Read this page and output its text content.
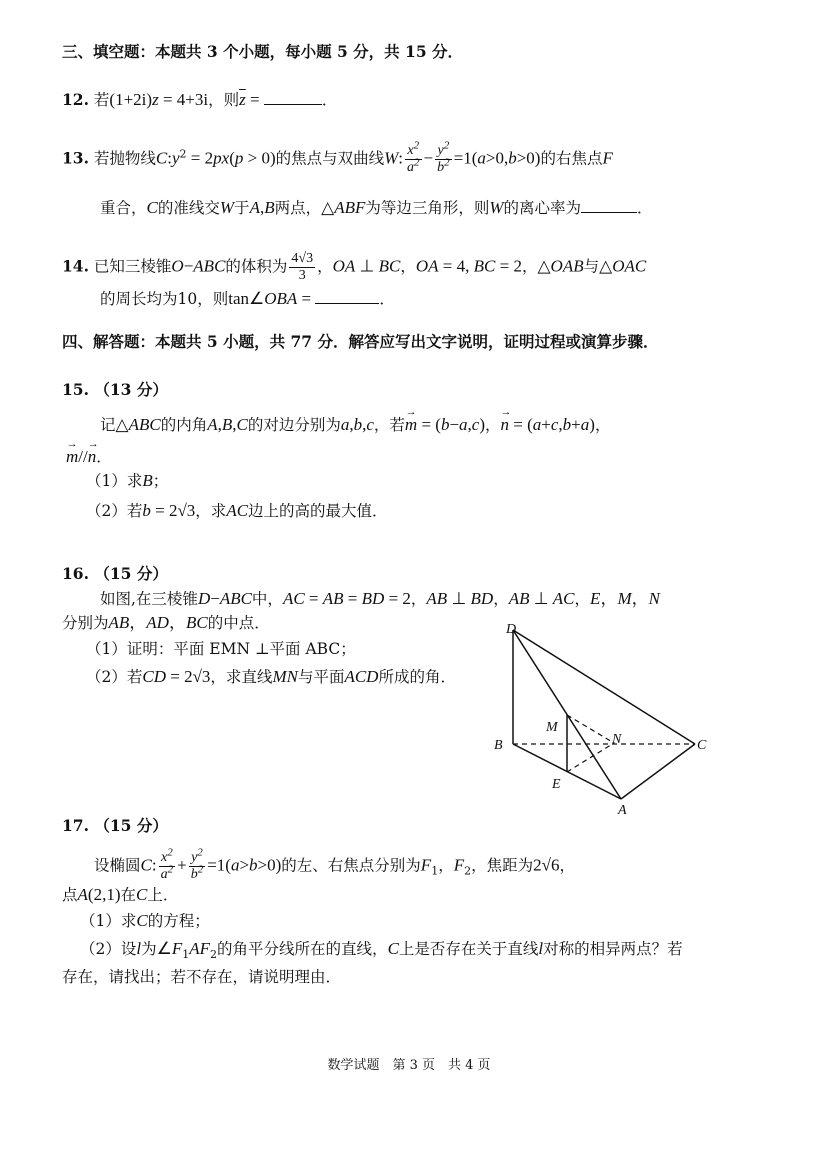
三、填空题：本题共 3 个小题，每小题 5 分，共 15 分．
12. 若(1+2i)z = 4+3i，则$\overline{z}$ =	．
13. 若抛物线$C:y^2 = 2px(p > 0)$的焦点与双曲线W: $\frac{x^2}{a^2} - \frac{y^2}{b^2} =1(a>0,b>0)$的右焦点F
重合，C的准线交W于A,B两点，△ABF为等边三角形，则W的离心率为	．
14. 已知三棱锥O−ABC的体积为 $\frac{4√3}{3}$ ，OA ⊥ BC，OA = 4, BC = 2，△OAB与△OAC
的周长均为10，则tan∠OBA =	．
四、解答题：本题共 5 小题，共 77 分．解答应写出文字说明，证明过程或演算步骤．
15. （13 分）
记△ABC的内角A,B,C的对边分别为a,b,c，若→ m = (b−a,c)，→ n = (a+c,b+a)，
→ m//→ n．
（1）求B；
（2）若b = 2√3，求AC边上的高的最大值．
16. （15 分）
如图,在三棱锥D−ABC中，AC = AB = BD = 2，AB ⊥ BD，AB ⊥ AC，E，M，N
分别为AB，AD，BC的中点．
（1）证明：平面 EMN ⊥平面 ABC；
（2）若CD = 2√3，求直线MN与平面ACD所成的角．
D
M
N
B	C
E
A
17. （15 分）
设椭圆C: $\frac{x^2}{a^2} + \frac{y^2}{b^2} =1(a>b>0)$的左、右焦点分别为$F_1$，$F_2$，焦距为2√6，
点A(2,1)在C上．
（1）求C的方程；
（2）设l为$\angle F_1AF_2$的角平分线所在的直线，C上是否存在关于直线l对称的相异两点？若
存在，请找出；若不存在，请说明理由．
数学试题　第 3 页　共 4 页
